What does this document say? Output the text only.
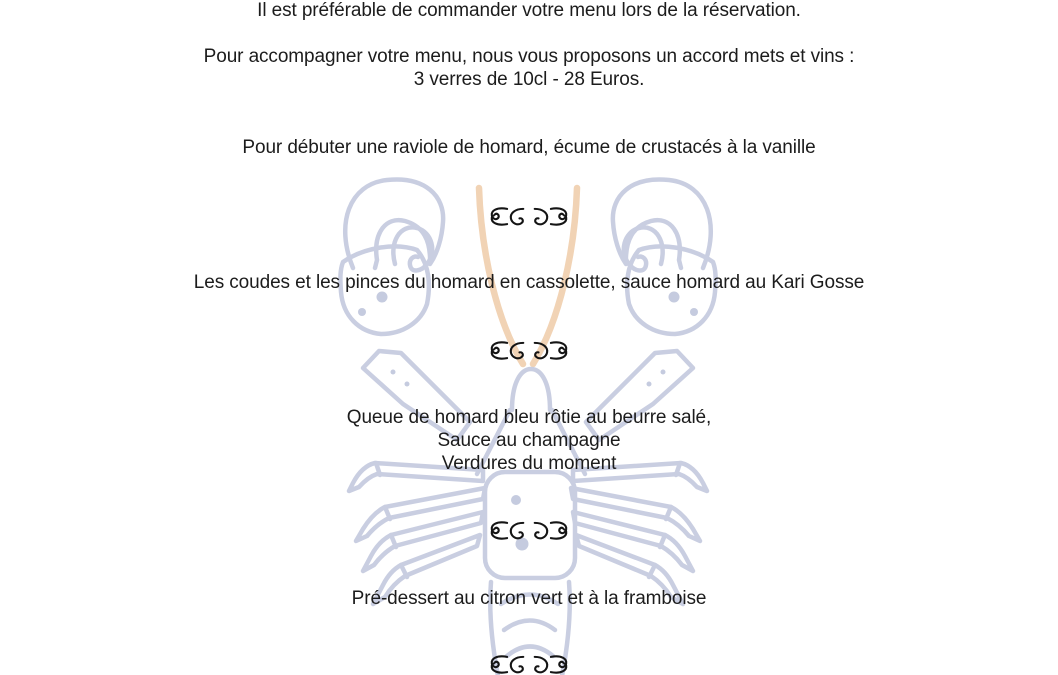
Il est préférable de commander votre menu lors de la réservation.
Pour accompagner votre menu, nous vous proposons un accord mets et vins :
3 verres de 10cl - 28 Euros.
Pour débuter une raviole de homard, écume de crustacés à la vanille
Les coudes et les pinces du homard en cassolette, sauce homard au Kari Gosse
Queue de homard bleu rôtie au beurre salé,
Sauce au champagne
Verdures du moment
Pré-dessert au citron vert et à la framboise
